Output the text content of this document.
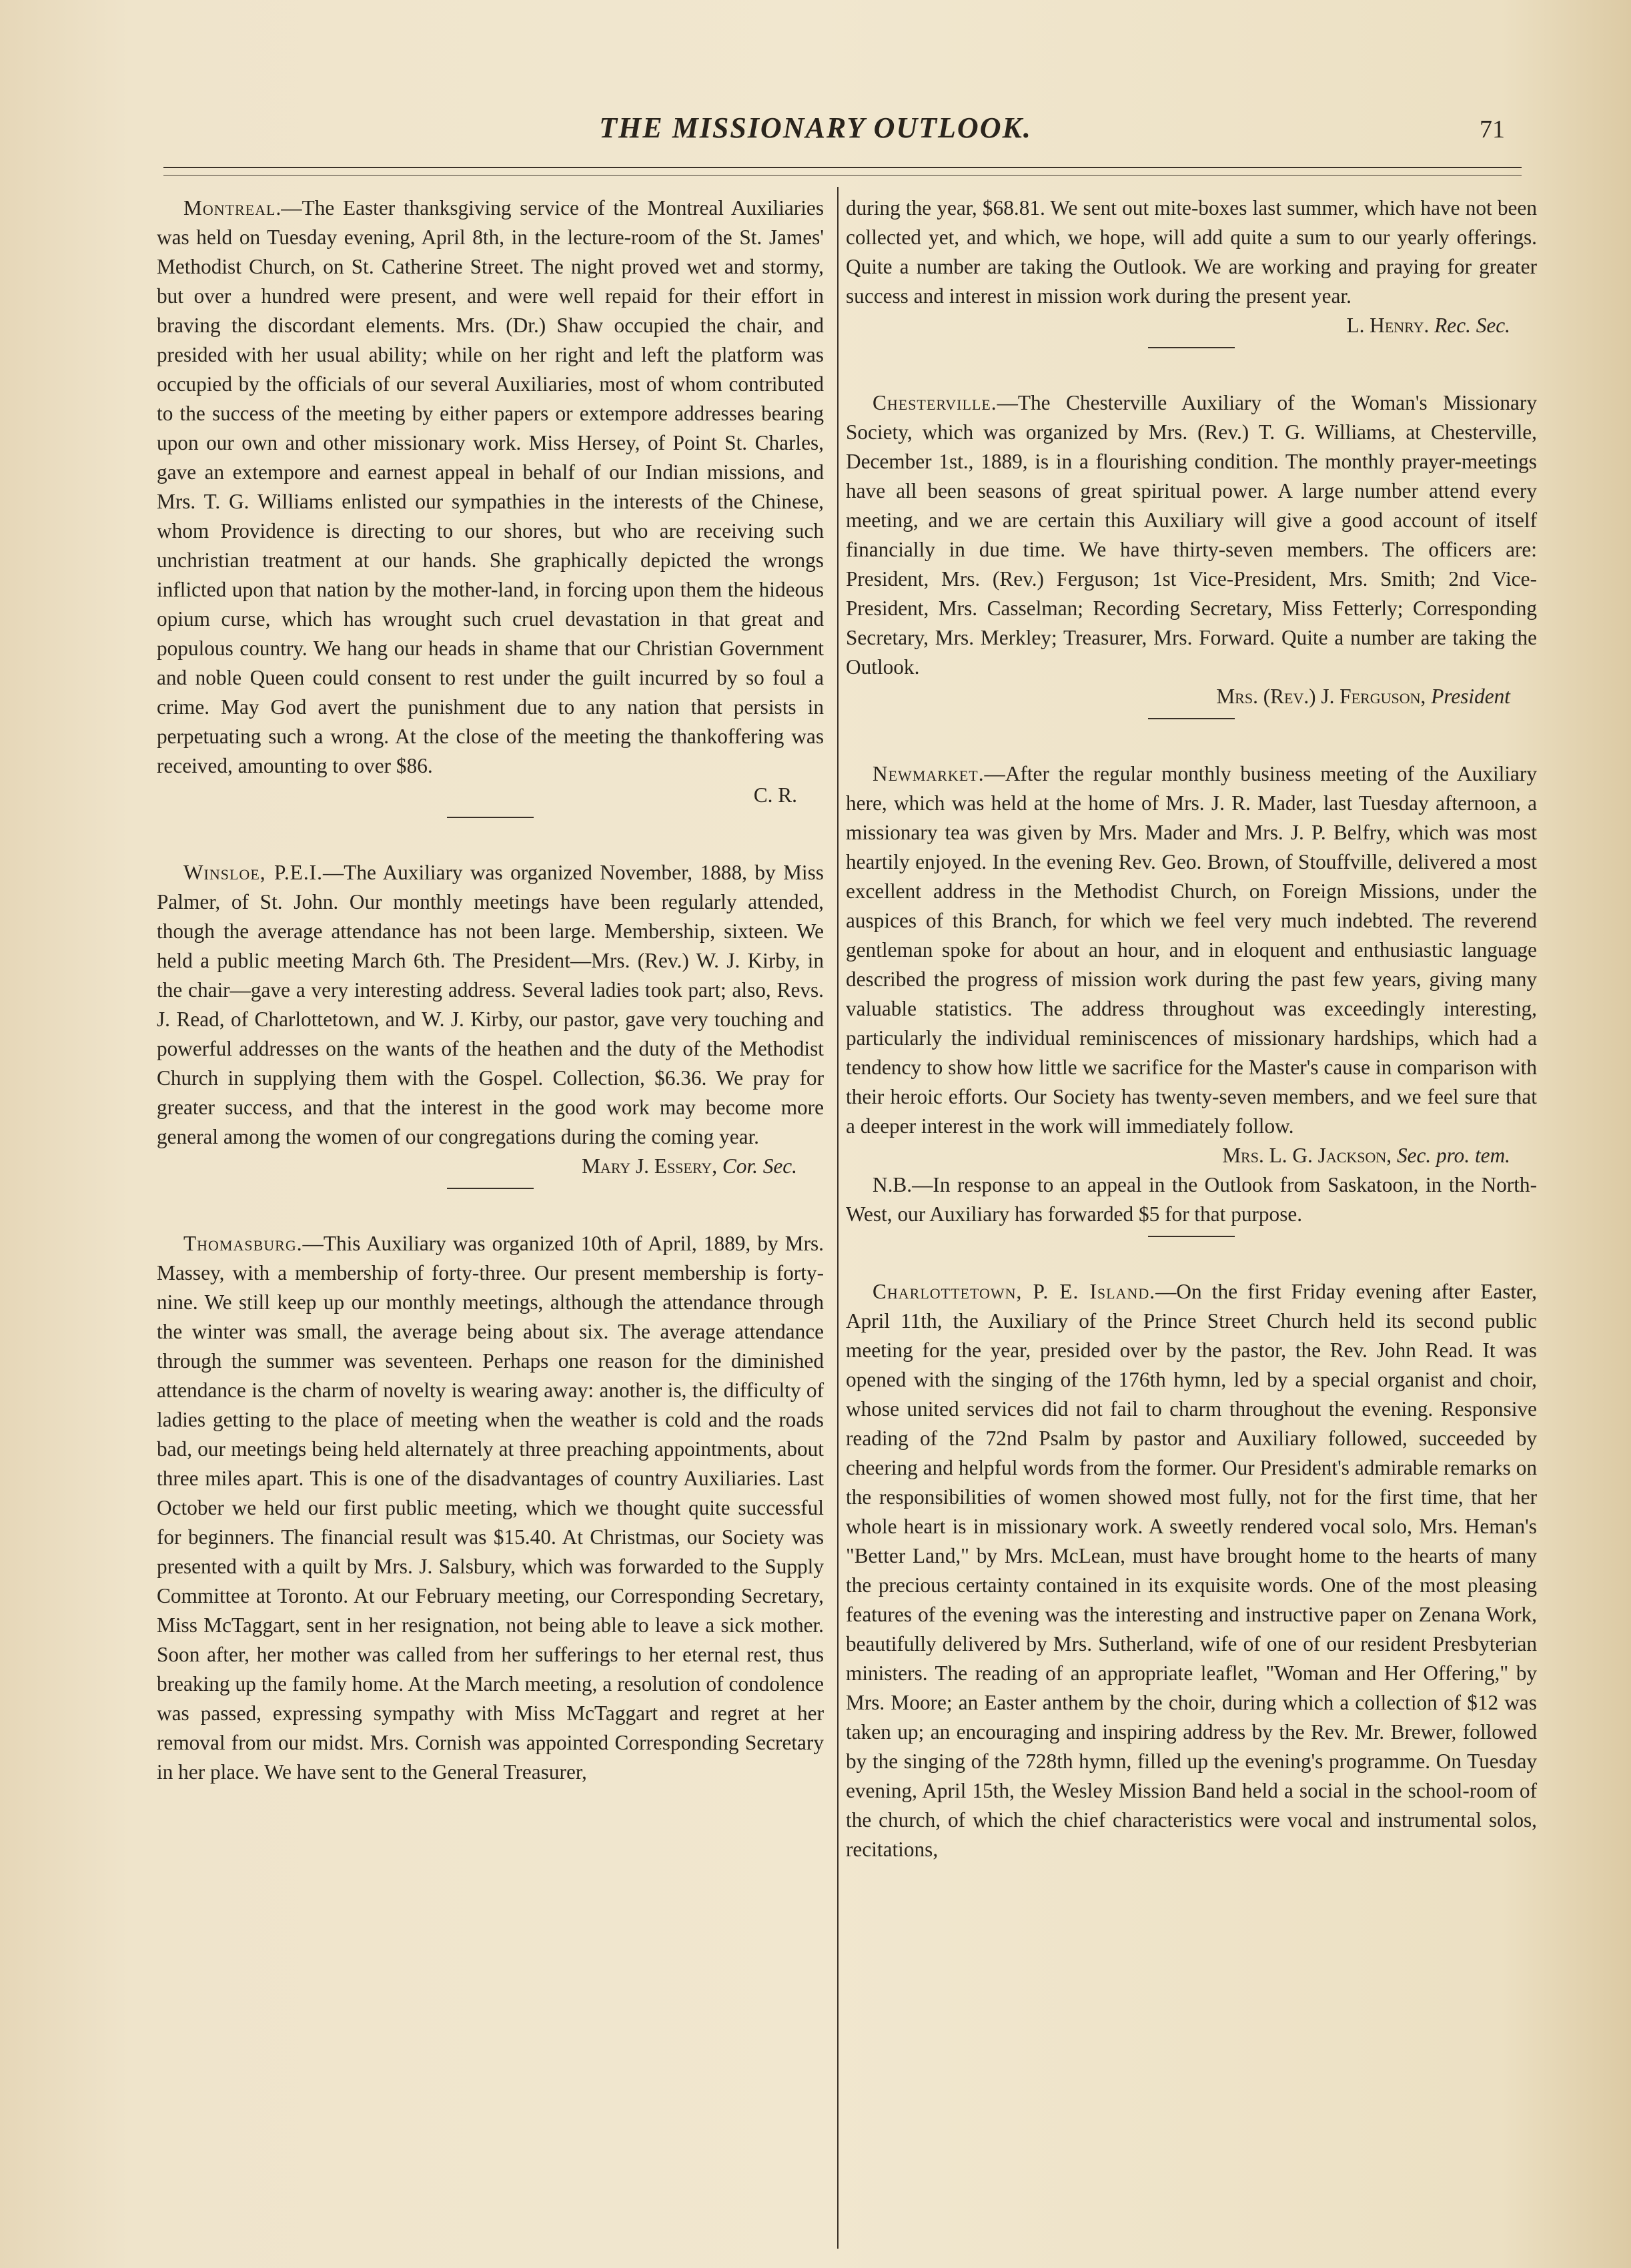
THE MISSIONARY OUTLOOK.	71

Montreal.—The Easter thanksgiving service of the Montreal Auxiliaries was held on Tuesday evening, April 8th, in the lecture-room of the St. James' Methodist Church, on St. Catherine Street. The night proved wet and stormy, but over a hundred were present, and were well repaid for their effort in braving the discordant elements. Mrs. (Dr.) Shaw occupied the chair, and presided with her usual ability; while on her right and left the platform was occupied by the officials of our several Auxiliaries, most of whom contributed to the success of the meeting by either papers or extempore addresses bearing upon our own and other missionary work. Miss Hersey, of Point St. Charles, gave an extempore and earnest appeal in behalf of our Indian missions, and Mrs. T. G. Williams enlisted our sympathies in the interests of the Chinese, whom Providence is directing to our shores, but who are receiving such unchristian treatment at our hands. She graphically depicted the wrongs inflicted upon that nation by the mother-land, in forcing upon them the hideous opium curse, which has wrought such cruel devastation in that great and populous country. We hang our heads in shame that our Christian Government and noble Queen could consent to rest under the guilt incurred by so foul a crime. May God avert the punishment due to any nation that persists in perpetuating such a wrong. At the close of the meeting the thankoffering was received, amounting to over $86.

C. R.

Winsloe, P.E.I.—The Auxiliary was organized November, 1888, by Miss Palmer, of St. John. Our monthly meetings have been regularly attended, though the average attendance has not been large. Membership, sixteen. We held a public meeting March 6th. The President—Mrs. (Rev.) W. J. Kirby, in the chair—gave a very interesting address. Several ladies took part; also, Revs. J. Read, of Charlottetown, and W. J. Kirby, our pastor, gave very touching and powerful addresses on the wants of the heathen and the duty of the Methodist Church in supplying them with the Gospel. Collection, $6.36. We pray for greater success, and that the interest in the good work may become more general among the women of our congregations during the coming year.

Mary J. Essery, Cor. Sec.

Thomasburg.—This Auxiliary was organized 10th of April, 1889, by Mrs. Massey, with a membership of forty-three. Our present membership is forty-nine. We still keep up our monthly meetings, although the attendance through the winter was small, the average being about six. The average attendance through the summer was seventeen. Perhaps one reason for the diminished attendance is the charm of novelty is wearing away: another is, the difficulty of ladies getting to the place of meeting when the weather is cold and the roads bad, our meetings being held alternately at three preaching appointments, about three miles apart. This is one of the disadvantages of country Auxiliaries. Last October we held our first public meeting, which we thought quite successful for beginners. The financial result was $15.40. At Christmas, our Society was presented with a quilt by Mrs. J. Salsbury, which was forwarded to the Supply Committee at Toronto. At our February meeting, our Corresponding Secretary, Miss McTaggart, sent in her resignation, not being able to leave a sick mother. Soon after, her mother was called from her sufferings to her eternal rest, thus breaking up the family home. At the March meeting, a resolution of condolence was passed, expressing sympathy with Miss McTaggart and regret at her removal from our midst. Mrs. Cornish was appointed Corresponding Secretary in her place. We have sent to the General Treasurer,

during the year, $68.81. We sent out mite-boxes last summer, which have not been collected yet, and which, we hope, will add quite a sum to our yearly offerings. Quite a number are taking the Outlook. We are working and praying for greater success and interest in mission work during the present year.

L. Henry. Rec. Sec.

Chesterville.—The Chesterville Auxiliary of the Woman's Missionary Society, which was organized by Mrs. (Rev.) T. G. Williams, at Chesterville, December 1st., 1889, is in a flourishing condition. The monthly prayer-meetings have all been seasons of great spiritual power. A large number attend every meeting, and we are certain this Auxiliary will give a good account of itself financially in due time. We have thirty-seven members. The officers are: President, Mrs. (Rev.) Ferguson; 1st Vice-President, Mrs. Smith; 2nd Vice-President, Mrs. Casselman; Recording Secretary, Miss Fetterly; Corresponding Secretary, Mrs. Merkley; Treasurer, Mrs. Forward. Quite a number are taking the Outlook.

Mrs. (Rev.) J. Ferguson, President

Newmarket.—After the regular monthly business meeting of the Auxiliary here, which was held at the home of Mrs. J. R. Mader, last Tuesday afternoon, a missionary tea was given by Mrs. Mader and Mrs. J. P. Belfry, which was most heartily enjoyed. In the evening Rev. Geo. Brown, of Stouffville, delivered a most excellent address in the Methodist Church, on Foreign Missions, under the auspices of this Branch, for which we feel very much indebted. The reverend gentleman spoke for about an hour, and in eloquent and enthusiastic language described the progress of mission work during the past few years, giving many valuable statistics. The address throughout was exceedingly interesting, particularly the individual reminiscences of missionary hardships, which had a tendency to show how little we sacrifice for the Master's cause in comparison with their heroic efforts. Our Society has twenty-seven members, and we feel sure that a deeper interest in the work will immediately follow.

Mrs. L. G. Jackson, Sec. pro. tem.

N.B.—In response to an appeal in the Outlook from Saskatoon, in the North-West, our Auxiliary has forwarded $5 for that purpose.

Charlottetown, P. E. Island.—On the first Friday evening after Easter, April 11th, the Auxiliary of the Prince Street Church held its second public meeting for the year, presided over by the pastor, the Rev. John Read. It was opened with the singing of the 176th hymn, led by a special organist and choir, whose united services did not fail to charm throughout the evening. Responsive reading of the 72nd Psalm by pastor and Auxiliary followed, succeeded by cheering and helpful words from the former. Our President's admirable remarks on the responsibilities of women showed most fully, not for the first time, that her whole heart is in missionary work. A sweetly rendered vocal solo, Mrs. Heman's "Better Land," by Mrs. McLean, must have brought home to the hearts of many the precious certainty contained in its exquisite words. One of the most pleasing features of the evening was the interesting and instructive paper on Zenana Work, beautifully delivered by Mrs. Sutherland, wife of one of our resident Presbyterian ministers. The reading of an appropriate leaflet, "Woman and Her Offering," by Mrs. Moore; an Easter anthem by the choir, during which a collection of $12 was taken up; an encouraging and inspiring address by the Rev. Mr. Brewer, followed by the singing of the 728th hymn, filled up the evening's programme. On Tuesday evening, April 15th, the Wesley Mission Band held a social in the school-room of the church, of which the chief characteristics were vocal and instrumental solos, recitations,
